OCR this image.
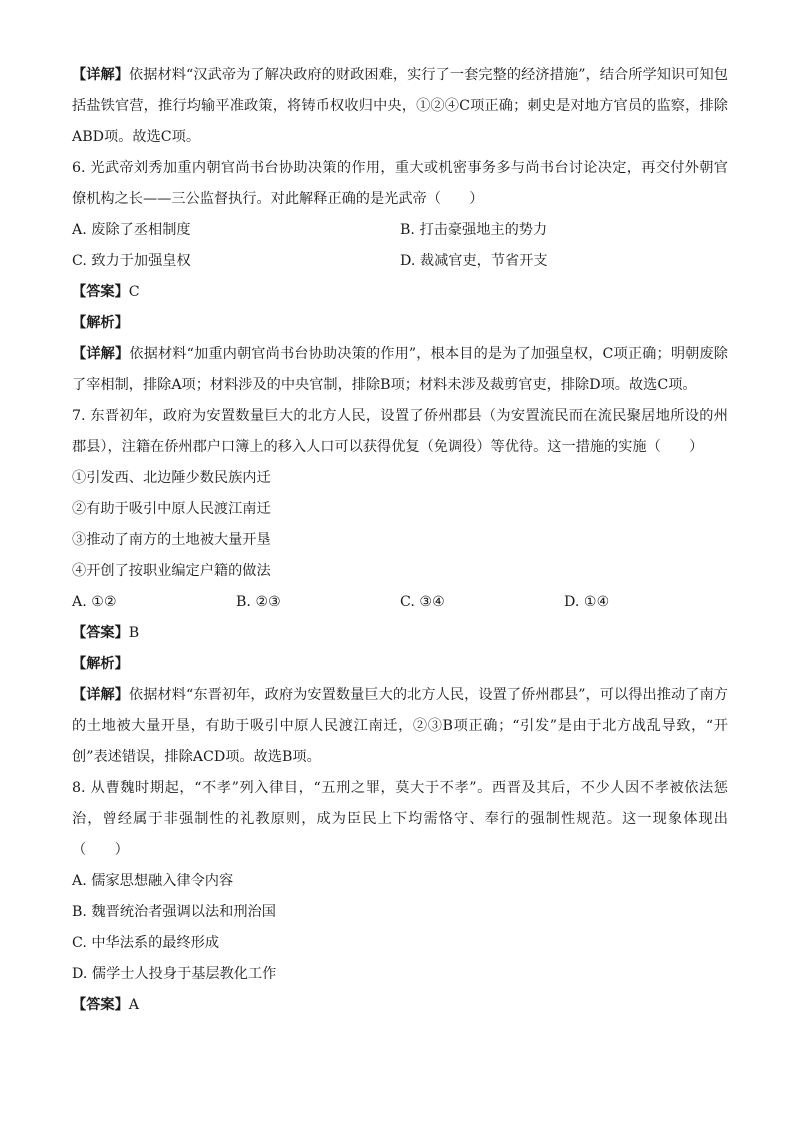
【详解】依据材料“汉武帝为了解决政府的财政困难，实行了一套完整的经济措施”，结合所学知识可知包括盐铁官营，推行均输平准政策，将铸币权收归中央，①②④C项正确；刺史是对地方官员的监察，排除ABD项。故选C项。

6. 光武帝刘秀加重内朝官尚书台协助决策的作用，重大或机密事务多与尚书台讨论决定，再交付外朝官僚机构之长——三公监督执行。对此解释正确的是光武帝（　　）

A. 废除了丞相制度	B. 打击豪强地主的势力
C. 致力于加强皇权	D. 裁减官吏，节省开支

【答案】C

【解析】

【详解】依据材料“加重内朝官尚书台协助决策的作用”，根本目的是为了加强皇权，C项正确；明朝废除了宰相制，排除A项；材料涉及的中央官制，排除B项；材料未涉及裁剪官吏，排除D项。故选C项。

7. 东晋初年，政府为安置数量巨大的北方人民，设置了侨州郡县（为安置流民而在流民聚居地所设的州郡县），注籍在侨州郡户口簿上的移入人口可以获得优复（免调役）等优待。这一措施的实施（　　）

①引发西、北边陲少数民族内迁

②有助于吸引中原人民渡江南迁

③推动了南方的土地被大量开垦

④开创了按职业编定户籍的做法

A. ①②	B. ②③	C. ③④	D. ①④

【答案】B

【解析】

【详解】依据材料“东晋初年，政府为安置数量巨大的北方人民，设置了侨州郡县”，可以得出推动了南方的土地被大量开垦，有助于吸引中原人民渡江南迁，②③B项正确；“引发”是由于北方战乱导致，“开创”表述错误，排除ACD项。故选B项。

8. 从曹魏时期起，“不孝”列入律目，“五刑之罪，莫大于不孝”。西晋及其后，不少人因不孝被依法惩治，曾经属于非强制性的礼教原则，成为臣民上下均需恪守、奉行的强制性规范。这一现象体现出（　　）

A. 儒家思想融入律令内容

B. 魏晋统治者强调以法和刑治国

C. 中华法系的最终形成

D. 儒学士人投身于基层教化工作

【答案】A
